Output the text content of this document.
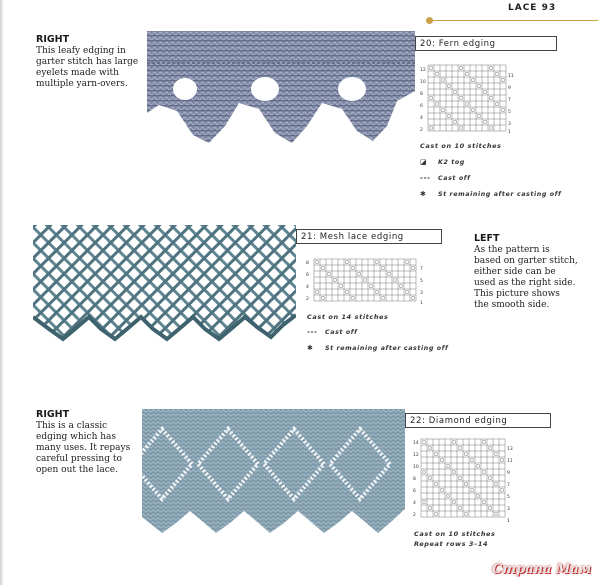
LACE 93
RIGHT
This leafy edging in
garter stitch has large
eyelets made with
multiple yarn-overs.
20: Fern edging
12
10
8
6
4
2
11
9
7
5
3
1
Cast on 10 stitches
◪	K2 tog
---	Cast off
✱	St remaining after casting off
21: Mesh lace edging	LEFT
As the pattern is
based on garter stitch,
either side can be
used as the right side.
This picture shows
the smooth side.
8
6
4
2
7
5
3
1
Cast on 14 stitches
---	Cast off
✱	St remaining after casting off
RIGHT
This is a classic
edging which has
many uses. It repays
careful pressing to
open out the lace.
22: Diamond edging
14
12
10
8
6
4
2
13
11
9
7
5
3
1
Cast on 10 stitches
Repeat rows 3–14
Страна Мам
